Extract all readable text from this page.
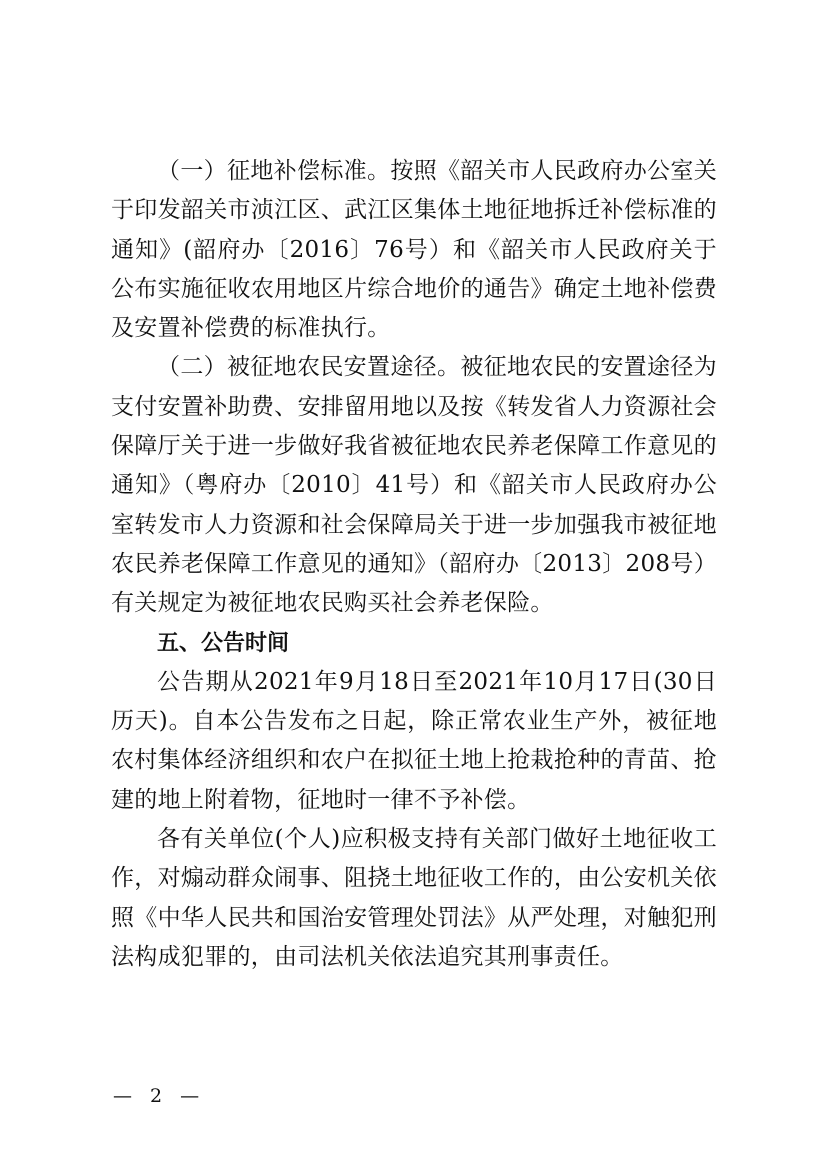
（一）征地补偿标准。按照《韶关市人民政府办公室关于印发韶关市浈江区、武江区集体土地征地拆迁补偿标准的通知》(韶府办〔2016〕76号）和《韶关市人民政府关于公布实施征收农用地区片综合地价的通告》确定土地补偿费及安置补偿费的标准执行。

（二）被征地农民安置途径。被征地农民的安置途径为支付安置补助费、安排留用地以及按《转发省人力资源社会保障厅关于进一步做好我省被征地农民养老保障工作意见的通知》（粤府办〔2010〕41号）和《韶关市人民政府办公室转发市人力资源和社会保障局关于进一步加强我市被征地农民养老保障工作意见的通知》（韶府办〔2013〕208号）有关规定为被征地农民购买社会养老保险。

五、公告时间

公告期从2021年9月18日至2021年10月17日(30日历天)。自本公告发布之日起，除正常农业生产外，被征地农村集体经济组织和农户在拟征土地上抢栽抢种的青苗、抢建的地上附着物，征地时一律不予补偿。

各有关单位(个人)应积极支持有关部门做好土地征收工作，对煽动群众闹事、阻挠土地征收工作的，由公安机关依照《中华人民共和国治安管理处罚法》从严处理，对触犯刑法构成犯罪的，由司法机关依法追究其刑事责任。

— 2 —
